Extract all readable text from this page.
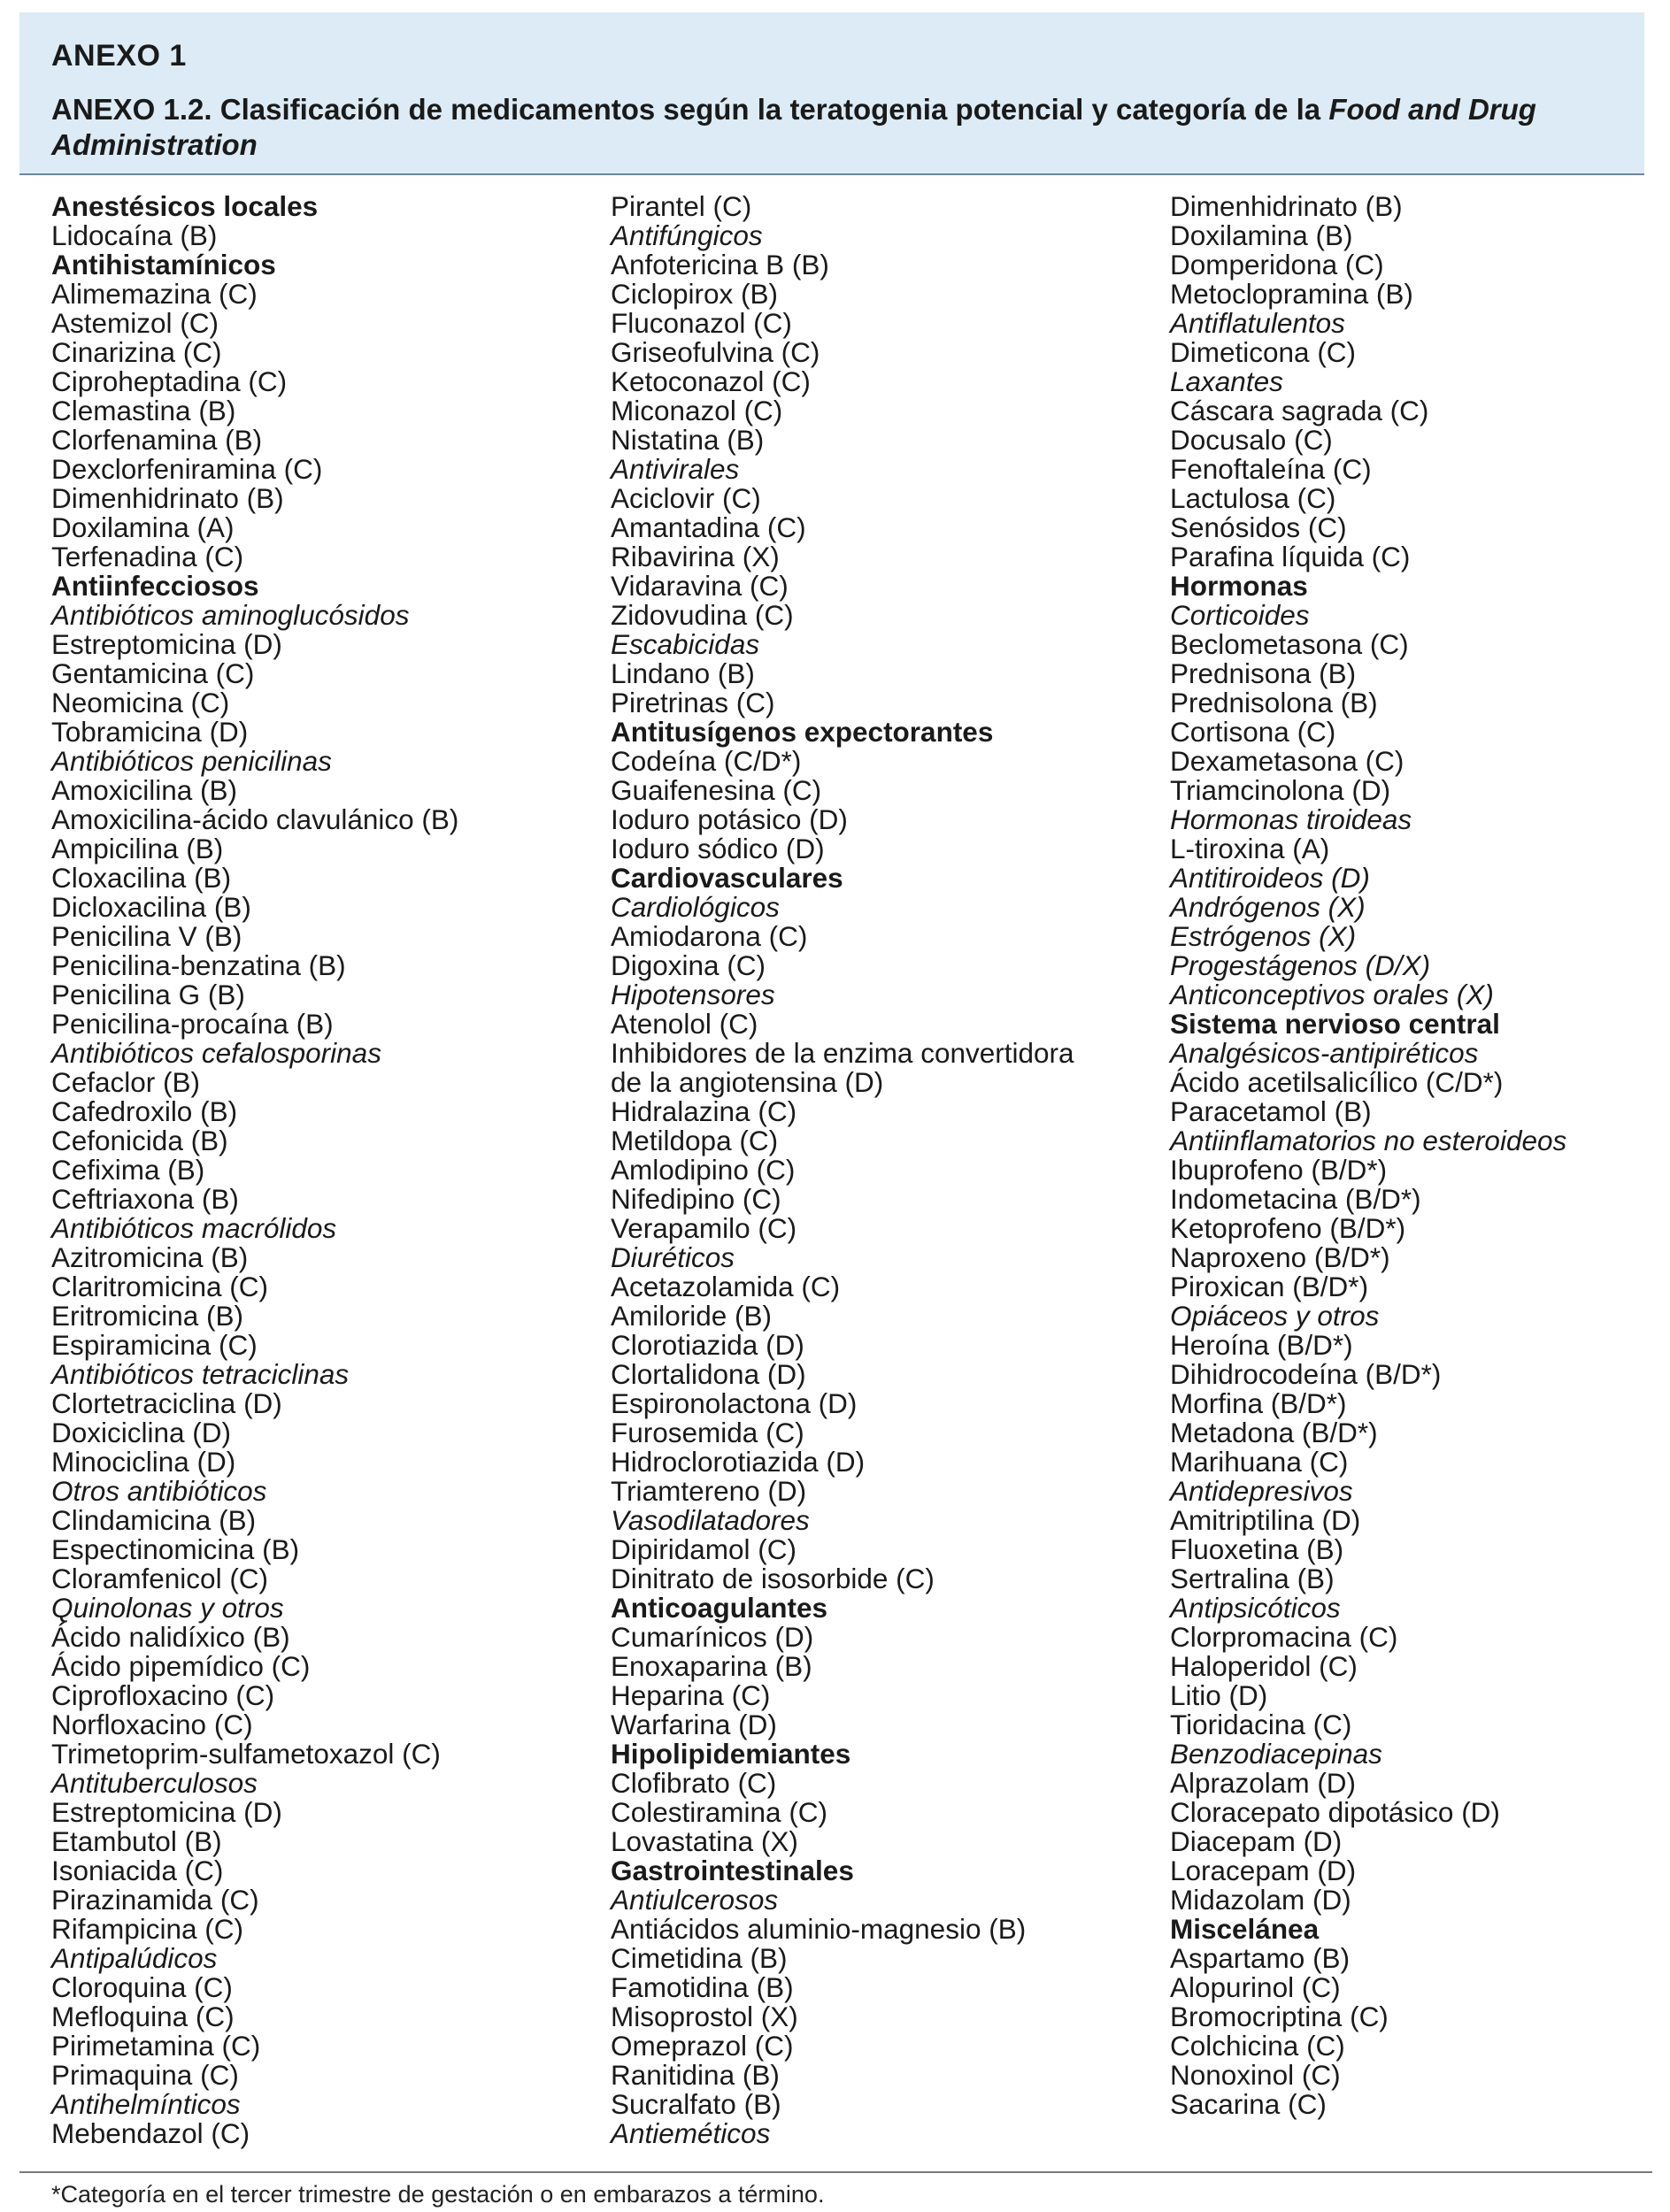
ANEXO 1
ANEXO 1.2. Clasificación de medicamentos según la teratogenia potencial y categoría de la Food and Drug Administration
Anestésicos locales
Lidocaína (B)
Antihistamínicos
Alimemazina (C)
Astemizol (C)
Cinarizina (C)
Ciproheptadina (C)
Clemastina (B)
Clorfenamina (B)
Dexclorfeniramina (C)
Dimenhidrinato (B)
Doxilamina (A)
Terfenadina (C)
Antiinfecciosos
Antibióticos aminoglucósidos
Estreptomicina (D)
Gentamicina (C)
Neomicina (C)
Tobramicina (D)
Antibióticos penicilinas
Amoxicilina (B)
Amoxicilina-ácido clavulánico (B)
Ampicilina (B)
Cloxacilina (B)
Dicloxacilina (B)
Penicilina V (B)
Penicilina-benzatina (B)
Penicilina G (B)
Penicilina-procaína (B)
Antibióticos cefalosporinas
Cefaclor (B)
Cafedroxilo (B)
Cefonicida (B)
Cefixima (B)
Ceftriaxona (B)
Antibióticos macrólidos
Azitromicina (B)
Claritromicina (C)
Eritromicina (B)
Espiramicina (C)
Antibióticos tetraciclinas
Clortetraciclina (D)
Doxiciclina (D)
Minociclina (D)
Otros antibióticos
Clindamicina (B)
Espectinomicina (B)
Cloramfenicol (C)
Quinolonas y otros
Ácido nalidíxico (B)
Ácido pipemídico (C)
Ciprofloxacino (C)
Norfloxacino (C)
Trimetoprim-sulfametoxazol (C)
Antituberculosos
Estreptomicina (D)
Etambutol (B)
Isoniacida (C)
Pirazinamida (C)
Rifampicina (C)
Antipalúdicos
Cloroquina (C)
Mefloquina (C)
Pirimetamina (C)
Primaquina (C)
Antihelmínticos
Mebendazol (C)
Pirantel (C)
Antifúngicos
Anfotericina B (B)
Ciclopirox (B)
Fluconazol (C)
Griseofulvina (C)
Ketoconazol (C)
Miconazol (C)
Nistatina (B)
Antivirales
Aciclovir (C)
Amantadina (C)
Ribavirina (X)
Vidaravina (C)
Zidovudina (C)
Escabicidas
Lindano (B)
Piretrinas (C)
Antitusígenos expectorantes
Codeína (C/D*)
Guaifenesina (C)
Ioduro potásico (D)
Ioduro sódico (D)
Cardiovasculares
Cardiológicos
Amiodarona (C)
Digoxina (C)
Hipotensores
Atenolol (C)
Inhibidores de la enzima convertidora
de la angiotensina (D)
Hidralazina (C)
Metildopa (C)
Amlodipino (C)
Nifedipino (C)
Verapamilo (C)
Diuréticos
Acetazolamida (C)
Amiloride (B)
Clorotiazida (D)
Clortalidona (D)
Espironolactona (D)
Furosemida (C)
Hidroclorotiazida (D)
Triamtereno (D)
Vasodilatadores
Dipiridamol (C)
Dinitrato de isosorbide (C)
Anticoagulantes
Cumarínicos (D)
Enoxaparina (B)
Heparina (C)
Warfarina (D)
Hipolipidemiantes
Clofibrato (C)
Colestiramina (C)
Lovastatina (X)
Gastrointestinales
Antiulcerosos
Antiácidos aluminio-magnesio (B)
Cimetidina (B)
Famotidina (B)
Misoprostol (X)
Omeprazol (C)
Ranitidina (B)
Sucralfato (B)
Antieméticos
Dimenhidrinato (B)
Doxilamina (B)
Domperidona (C)
Metoclopramina (B)
Antiflatulentos
Dimeticona (C)
Laxantes
Cáscara sagrada (C)
Docusalo (C)
Fenoftaleína (C)
Lactulosa (C)
Senósidos (C)
Parafina líquida (C)
Hormonas
Corticoides
Beclometasona (C)
Prednisona (B)
Prednisolona (B)
Cortisona (C)
Dexametasona (C)
Triamcinolona (D)
Hormonas tiroideas
L-tiroxina (A)
Antitiroideos (D)
Andrógenos (X)
Estrógenos (X)
Progestágenos (D/X)
Anticonceptivos orales (X)
Sistema nervioso central
Analgésicos-antipiréticos
Ácido acetilsalicílico (C/D*)
Paracetamol (B)
Antiinflamatorios no esteroideos
Ibuprofeno (B/D*)
Indometacina (B/D*)
Ketoprofeno (B/D*)
Naproxeno (B/D*)
Piroxican (B/D*)
Opiáceos y otros
Heroína (B/D*)
Dihidrocodeína (B/D*)
Morfina (B/D*)
Metadona (B/D*)
Marihuana (C)
Antidepresivos
Amitriptilina (D)
Fluoxetina (B)
Sertralina (B)
Antipsicóticos
Clorpromacina (C)
Haloperidol (C)
Litio (D)
Tioridacina (C)
Benzodiacepinas
Alprazolam (D)
Cloracepato dipotásico (D)
Diacepam (D)
Loracepam (D)
Midazolam (D)
Miscelánea
Aspartamo (B)
Alopurinol (C)
Bromocriptina (C)
Colchicina (C)
Nonoxinol (C)
Sacarina (C)
*Categoría en el tercer trimestre de gestación o en embarazos a término.
